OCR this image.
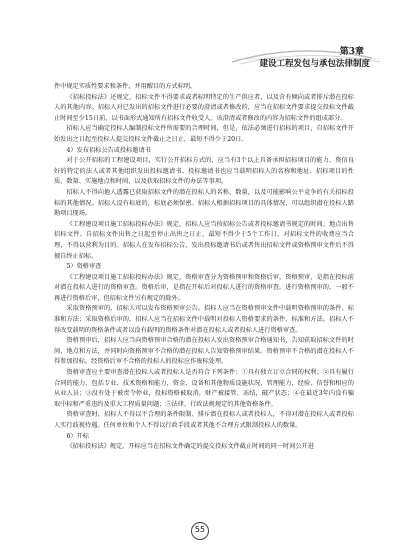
第3章
建设工程发包与承包法律制度

件中规定实质性要求和条件，并用醒目的方式标明。

《招标投标法》还规定，招标文件不得要求或者标明特定的生产供应者，以及含有倾向或者排斥潜在投标人的其他内容。招标人对已发出的招标文件进行必要的澄清或者修改的，应当在招标文件要求提交投标文件截止时间至少15日前，以书面形式通知所有招标文件收受人。该澄清或者修改的内容为招标文件的组成部分。

招标人应当确定投标人编制投标文件所需要的合理时间，但是，依法必须进行招标的项目，自招标文件开始发出之日起至投标人提交投标文件截止之日止，最短不得少于20日。

4）发布招标公告或投标邀请书

对于公开招标的工程建设项目，实行公开招标方式的，应当有3个以上具备承担招标项目的能力、资信良好的特定的法人或者其他组织发出投标邀请书。投标邀请书也应当载明招标人的名称和地址、招标项目的性质、数量、实施地点和时间，以及获取招标文件的办法等事项。

招标人不得向他人透露已获取招标文件的潜在投标人的名称、数量，以及可能影响公平竞争的有关招标投标的其他情况。招标人设有标底的，标底必须保密。招标人根据招标项目的具体情况，可以组织潜在投标人踏勘项目现场。

《工程建设项目施工招标投标办法》规定，招标人应当按招标公告或者投标邀请书规定的时间、地点出售招标文件。自招标文件出售之日起至停止出售之日止，最短不得少于5个工作日。对招标文件的收费应当合理，不得以营利为目的。招标人在发布招标公告、发出投标邀请书后或者售出招标文件或资格预审文件后不得擅自终止招标。

5）资格审查

《工程建设项目施工招标投标办法》规定，资格审查分为资格预审和资格后审。资格预审，是指在投标前对潜在投标人进行的资格审查。资格后审，是指在开标后对投标人进行的资格审查。进行资格预审的，一般不再进行资格后审，但招标文件另有规定的除外。

采取资格预审的，招标人可以发布资格预审公告。招标人应当在资格预审文件中载明资格预审的条件、标准和方法；采取资格后审的，招标人应当在招标文件中载明对投标人资格要求的条件、标准和方法。招标人不得改变载明的资格条件或者以没有载明的资格条件对潜在投标人或者投标人进行资格审查。

资格预审后，招标人应当向资格预审合格的潜在投标人发出资格预审合格通知书，告知获取招标文件的时间、地点和方法，并同时向资格预审不合格的潜在投标人告知资格预审结果。资格预审不合格的潜在投标人不得参加投标。经资格后审不合格的投标人的投标应作废标处理。

资格审查应主要审查潜在投标人或者投标人是否符合下列条件：①具有独立订立合同的权利；②具有履行合同的能力，包括专业、技术资格和能力，资金、设备和其他物质设施状况，管理能力，经验、信誉和相应的从业人员；③没有处于被责令停业，投标资格被取消，财产被接管、冻结，破产状态；④在最近3年内没有骗取中标和严重违约及重大工程质量问题；⑤法律、行政法规规定的其他资格条件。

资格审查时，招标人不得以不合理的条件限制、排斥潜在投标人或者投标人，不得对潜在投标人或者投标人实行歧视待遇。任何单位和个人不得以行政手段或者其他不合理方式限制投标人的数量。

6）开标

《招标投标法》规定，开标应当在招标文件确定的提交投标文件截止时间的同一时间公开进

55
